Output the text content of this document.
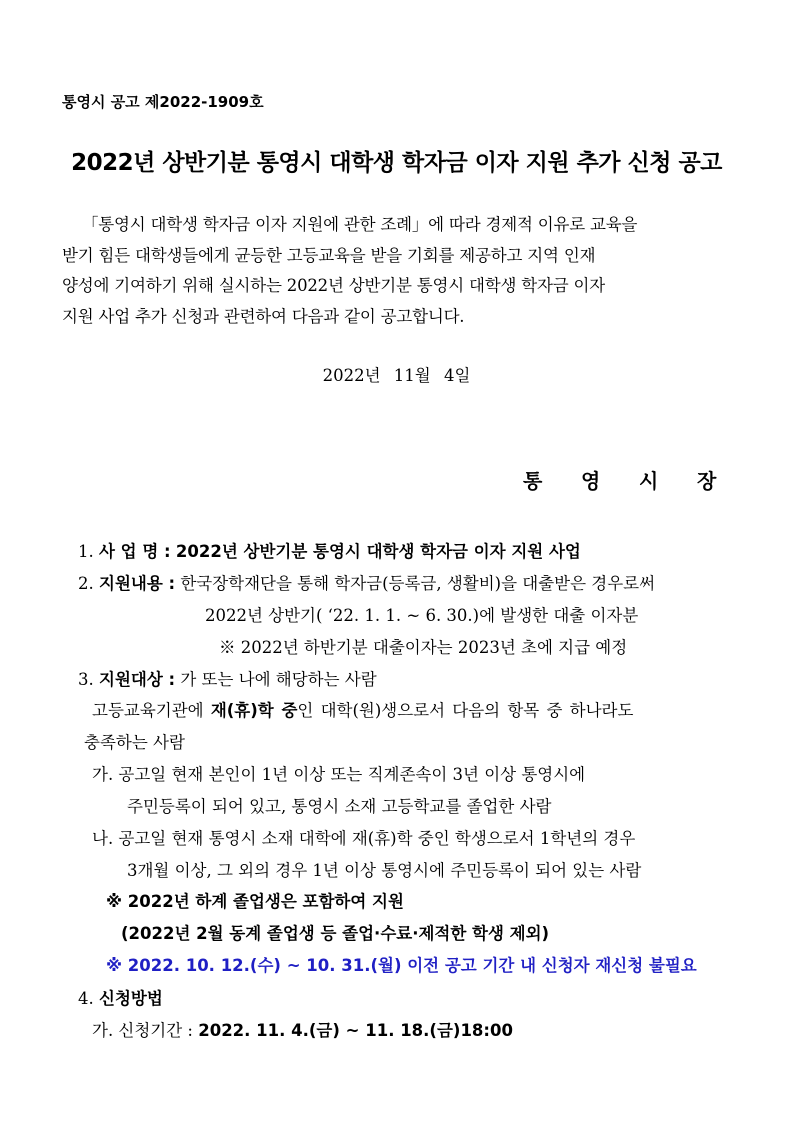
통영시 공고 제2022-1909호
2022년 상반기분 통영시 대학생 학자금 이자 지원 추가 신청 공고
「통영시 대학생 학자금 이자 지원에 관한 조례」에 따라 경제적 이유로 교육을
받기 힘든 대학생들에게 균등한 고등교육을 받을 기회를 제공하고 지역 인재
양성에 기여하기 위해 실시하는 2022년 상반기분 통영시 대학생 학자금 이자
지원 사업 추가 신청과 관련하여 다음과 같이 공고합니다.
2022년 11월 4일
통 영 시 장
1. 사 업 명 : 2022년 상반기분 통영시 대학생 학자금 이자 지원 사업
2. 지원내용 : 한국장학재단을 통해 학자금(등록금, 생활비)을 대출받은 경우로써
2022년 상반기( ‘22. 1. 1. ~ 6. 30.)에 발생한 대출 이자분
※ 2022년 하반기분 대출이자는 2023년 초에 지급 예정
3. 지원대상 : 가 또는 나에 해당하는 사람
고등교육기관에 재(휴)학 중인 대학(원)생으로서 다음의 항목 중 하나라도
충족하는 사람
가. 공고일 현재 본인이 1년 이상 또는 직계존속이 3년 이상 통영시에
주민등록이 되어 있고, 통영시 소재 고등학교를 졸업한 사람
나. 공고일 현재 통영시 소재 대학에 재(휴)학 중인 학생으로서 1학년의 경우
3개월 이상, 그 외의 경우 1년 이상 통영시에 주민등록이 되어 있는 사람
※ 2022년 하계 졸업생은 포함하여 지원
(2022년 2월 동계 졸업생 등 졸업·수료·제적한 학생 제외)
※ 2022. 10. 12.(수) ~ 10. 31.(월) 이전 공고 기간 내 신청자 재신청 불필요
4. 신청방법
가. 신청기간 : 2022. 11. 4.(금) ~ 11. 18.(금)18:00
